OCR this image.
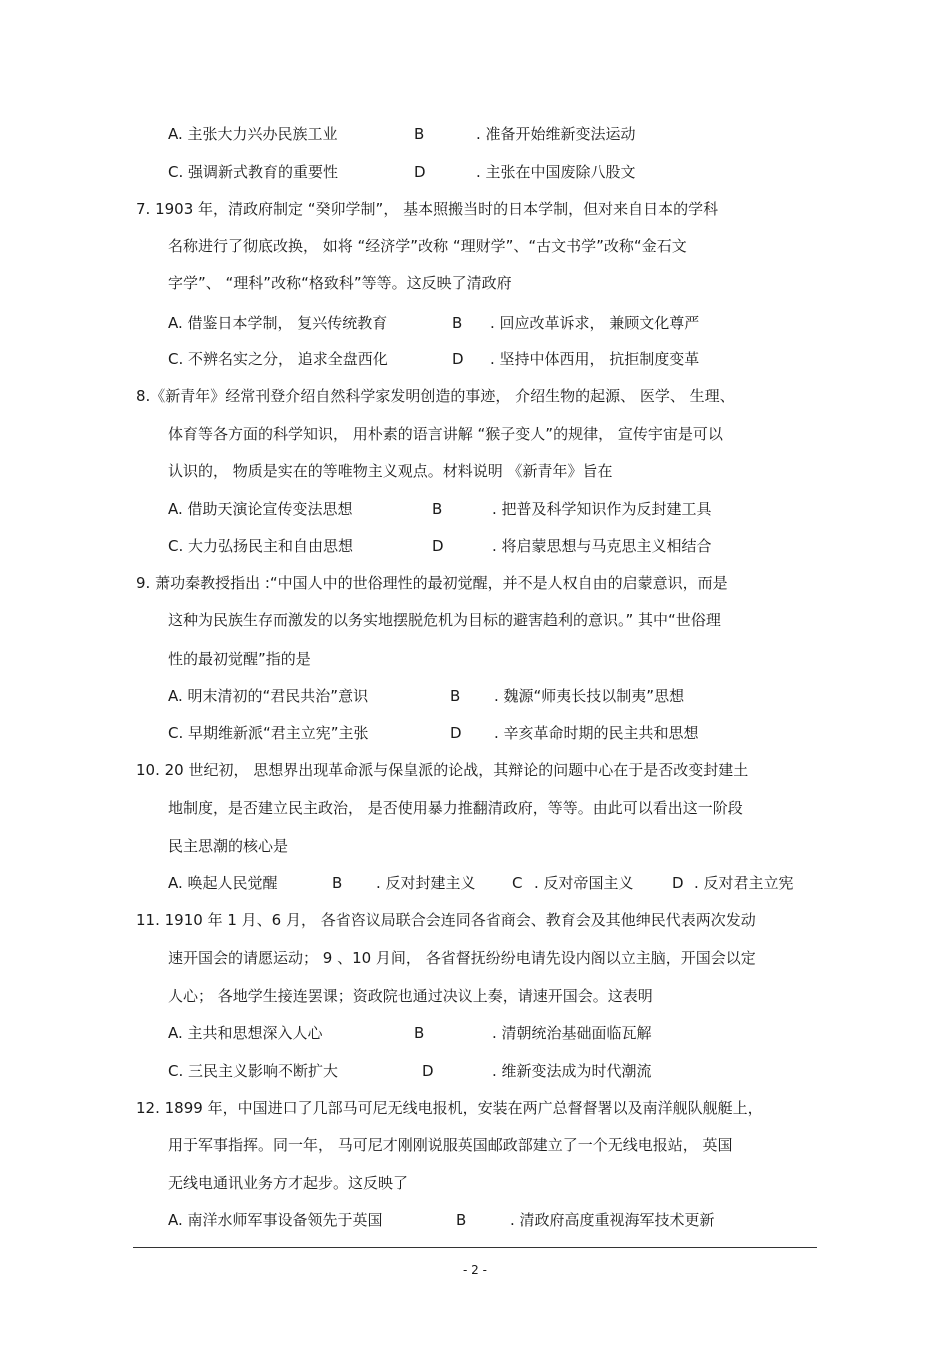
A. 主张大力兴办民族工业	B	. 准备开始维新变法运动
C. 强调新式教育的重要性	D	. 主张在中国废除八股文
7. 1903 年，清政府制定 “癸卯学制”， 基本照搬当时的日本学制，但对来自日本的学科
名称进行了彻底改换， 如将 “经济学”改称 “理财学”、“古文书学”改称“金石文
字学”、 “理科”改称“格致科”等等。这反映了清政府
A. 借鉴日本学制， 复兴传统教育	B . 回应改革诉求， 兼顾文化尊严
C. 不辨名实之分， 追求全盘西化	D . 坚持中体西用， 抗拒制度变革
8.《新青年》经常刊登介绍自然科学家发明创造的事迹， 介绍生物的起源、 医学、 生理、
体育等各方面的科学知识， 用朴素的语言讲解 “猴子变人”的规律， 宣传宇宙是可以
认识的， 物质是实在的等唯物主义观点。材料说明 《新青年》旨在
A. 借助天演论宣传变法思想	B	. 把普及科学知识作为反封建工具
C. 大力弘扬民主和自由思想	D	. 将启蒙思想与马克思主义相结合
9. 萧功秦教授指出 :“中国人中的世俗理性的最初觉醒，并不是人权自由的启蒙意识，而是
这种为民族生存而激发的以务实地摆脱危机为目标的避害趋利的意识。” 其中“世俗理
性的最初觉醒”指的是
A. 明末清初的“君民共治”意识	B . 魏源“师夷长技以制夷”思想
C. 早期维新派“君主立宪”主张	D . 辛亥革命时期的民主共和思想
10. 20 世纪初， 思想界出现革命派与保皇派的论战，其辩论的问题中心在于是否改变封建土
地制度，是否建立民主政治， 是否使用暴力推翻清政府，等等。由此可以看出这一阶段
民主思潮的核心是
A. 唤起人民觉醒	B . 反对封建主义 C . 反对帝国主义	D . 反对君主立宪
11. 1910 年 1 月、6 月， 各省咨议局联合会连同各省商会、教育会及其他绅民代表两次发动
速开国会的请愿运动； 9 、10 月间， 各省督抚纷纷电请先设内阁以立主脑，开国会以定
人心； 各地学生接连罢课；资政院也通过决议上奏，请速开国会。这表明
A. 主共和思想深入人心	B	. 清朝统治基础面临瓦解
C. 三民主义影响不断扩大	D	. 维新变法成为时代潮流
12. 1899 年，中国进口了几部马可尼无线电报机，安装在两广总督督署以及南洋舰队舰艇上，
用于军事指挥。同一年， 马可尼才刚刚说服英国邮政部建立了一个无线电报站， 英国
无线电通讯业务方才起步。这反映了
A. 南洋水师军事设备领先于英国	B	. 清政府高度重视海军技术更新
- 2 -
